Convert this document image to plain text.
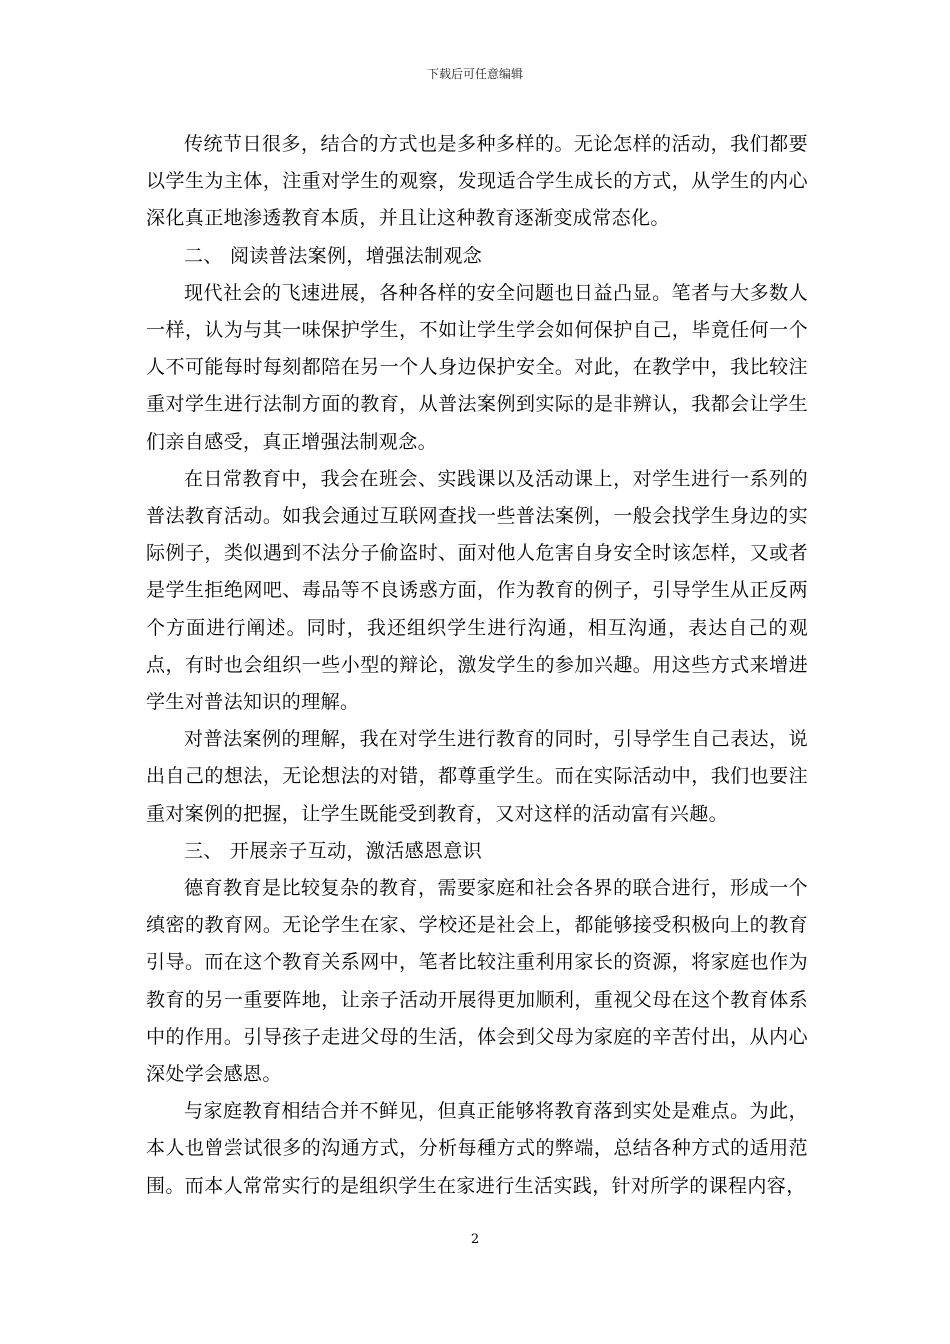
下载后可任意编辑

传统节日很多，结合的方式也是多种多样的。无论怎样的活动，我们都要以学生为主体，注重对学生的观察，发现适合学生成长的方式，从学生的内心深化真正地渗透教育本质，并且让这种教育逐渐变成常态化。

二、 阅读普法案例，增强法制观念

现代社会的飞速进展，各种各样的安全问题也日益凸显。笔者与大多数人一样，认为与其一味保护学生，不如让学生学会如何保护自己，毕竟任何一个人不可能每时每刻都陪在另一个人身边保护安全。对此，在教学中，我比较注重对学生进行法制方面的教育，从普法案例到实际的是非辨认，我都会让学生们亲自感受，真正增强法制观念。

在日常教育中，我会在班会、实践课以及活动课上，对学生进行一系列的普法教育活动。如我会通过互联网查找一些普法案例，一般会找学生身边的实际例子，类似遇到不法分子偷盗时、面对他人危害自身安全时该怎样，又或者是学生拒绝网吧、毒品等不良诱惑方面，作为教育的例子，引导学生从正反两个方面进行阐述。同时，我还组织学生进行沟通，相互沟通，表达自己的观点，有时也会组织一些小型的辩论，激发学生的参加兴趣。用这些方式来增进学生对普法知识的理解。

对普法案例的理解，我在对学生进行教育的同时，引导学生自己表达，说出自己的想法，无论想法的对错，都尊重学生。而在实际活动中，我们也要注重对案例的把握，让学生既能受到教育，又对这样的活动富有兴趣。

三、 开展亲子互动，激活感恩意识

德育教育是比较复杂的教育，需要家庭和社会各界的联合进行，形成一个缜密的教育网。无论学生在家、学校还是社会上，都能够接受积极向上的教育引导。而在这个教育关系网中，笔者比较注重利用家长的资源，将家庭也作为教育的另一重要阵地，让亲子活动开展得更加顺利，重视父母在这个教育体系中的作用。引导孩子走进父母的生活，体会到父母为家庭的辛苦付出，从内心深处学会感恩。

与家庭教育相结合并不鲜见，但真正能够将教育落到实处是难点。为此，本人也曾尝试很多的沟通方式，分析每種方式的弊端，总结各种方式的适用范围。而本人常常实行的是组织学生在家进行生活实践，针对所学的课程内容，

2
